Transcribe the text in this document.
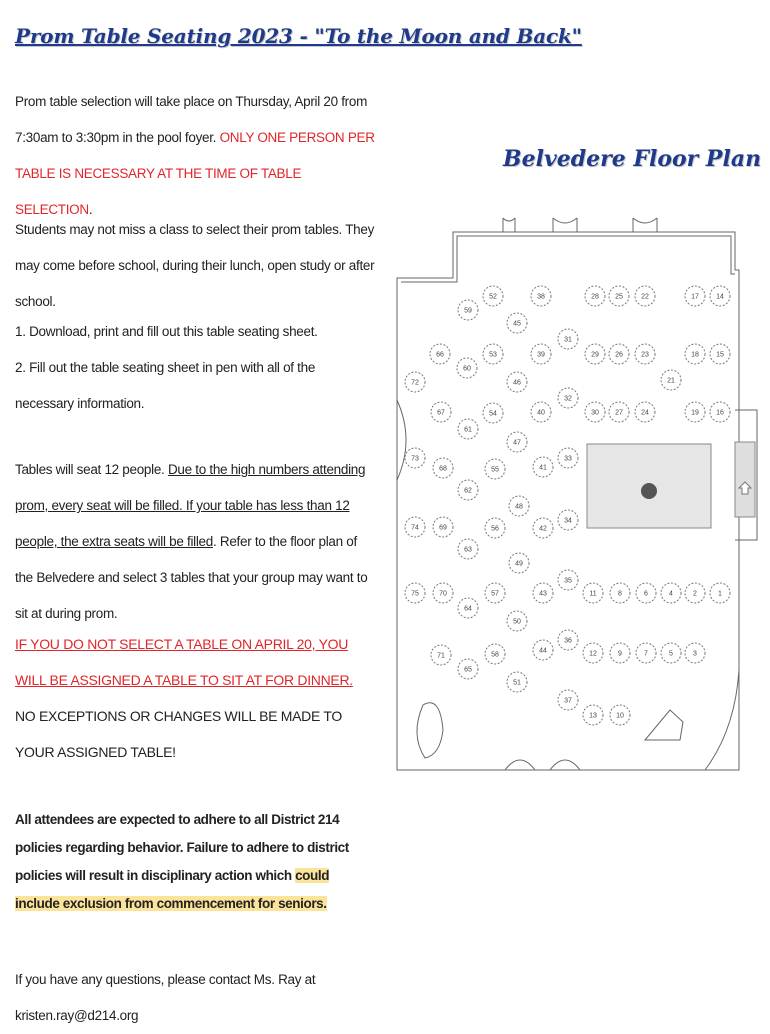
Prom Table Seating 2023 - "To the Moon and Back"

Prom table selection will take place on Thursday, April 20 from 7:30am to 3:30pm in the pool foyer. ONLY ONE PERSON PER TABLE IS NECESSARY AT THE TIME OF TABLE SELECTION.

Students may not miss a class to select their prom tables. They may come before school, during their lunch, open study or after school.

1. Download, print and fill out this table seating sheet.

2. Fill out the table seating sheet in pen with all of the necessary information.

Tables will seat 12 people. Due to the high numbers attending prom, every seat will be filled. If your table has less than 12 people, the extra seats will be filled. Refer to the floor plan of the Belvedere and select 3 tables that your group may want to sit at during prom.

IF YOU DO NOT SELECT A TABLE ON APRIL 20, YOU WILL BE ASSIGNED A TABLE TO SIT AT FOR DINNER. NO EXCEPTIONS OR CHANGES WILL BE MADE TO YOUR ASSIGNED TABLE!

All attendees are expected to adhere to all District 214 policies regarding behavior. Failure to adhere to district policies will result in disciplinary action which could include exclusion from commencement for seniors.

If you have any questions, please contact Ms. Ray at kristen.ray@d214.org

Belvedere Floor Plan
1
2
3
4
5
6
7
8
9
10
11
12
13
14
15
16
17
18
19
21
22
23
24
25
26
27
28
29
30
31
32
33
34
35
36
37
38
39
40
41
42
43
44
45
46
47
48
49
50
51
52
53
54
55
56
57
58
59
60
61
62
63
64
65
66
67
68
69
70
71
72
73
74
75
